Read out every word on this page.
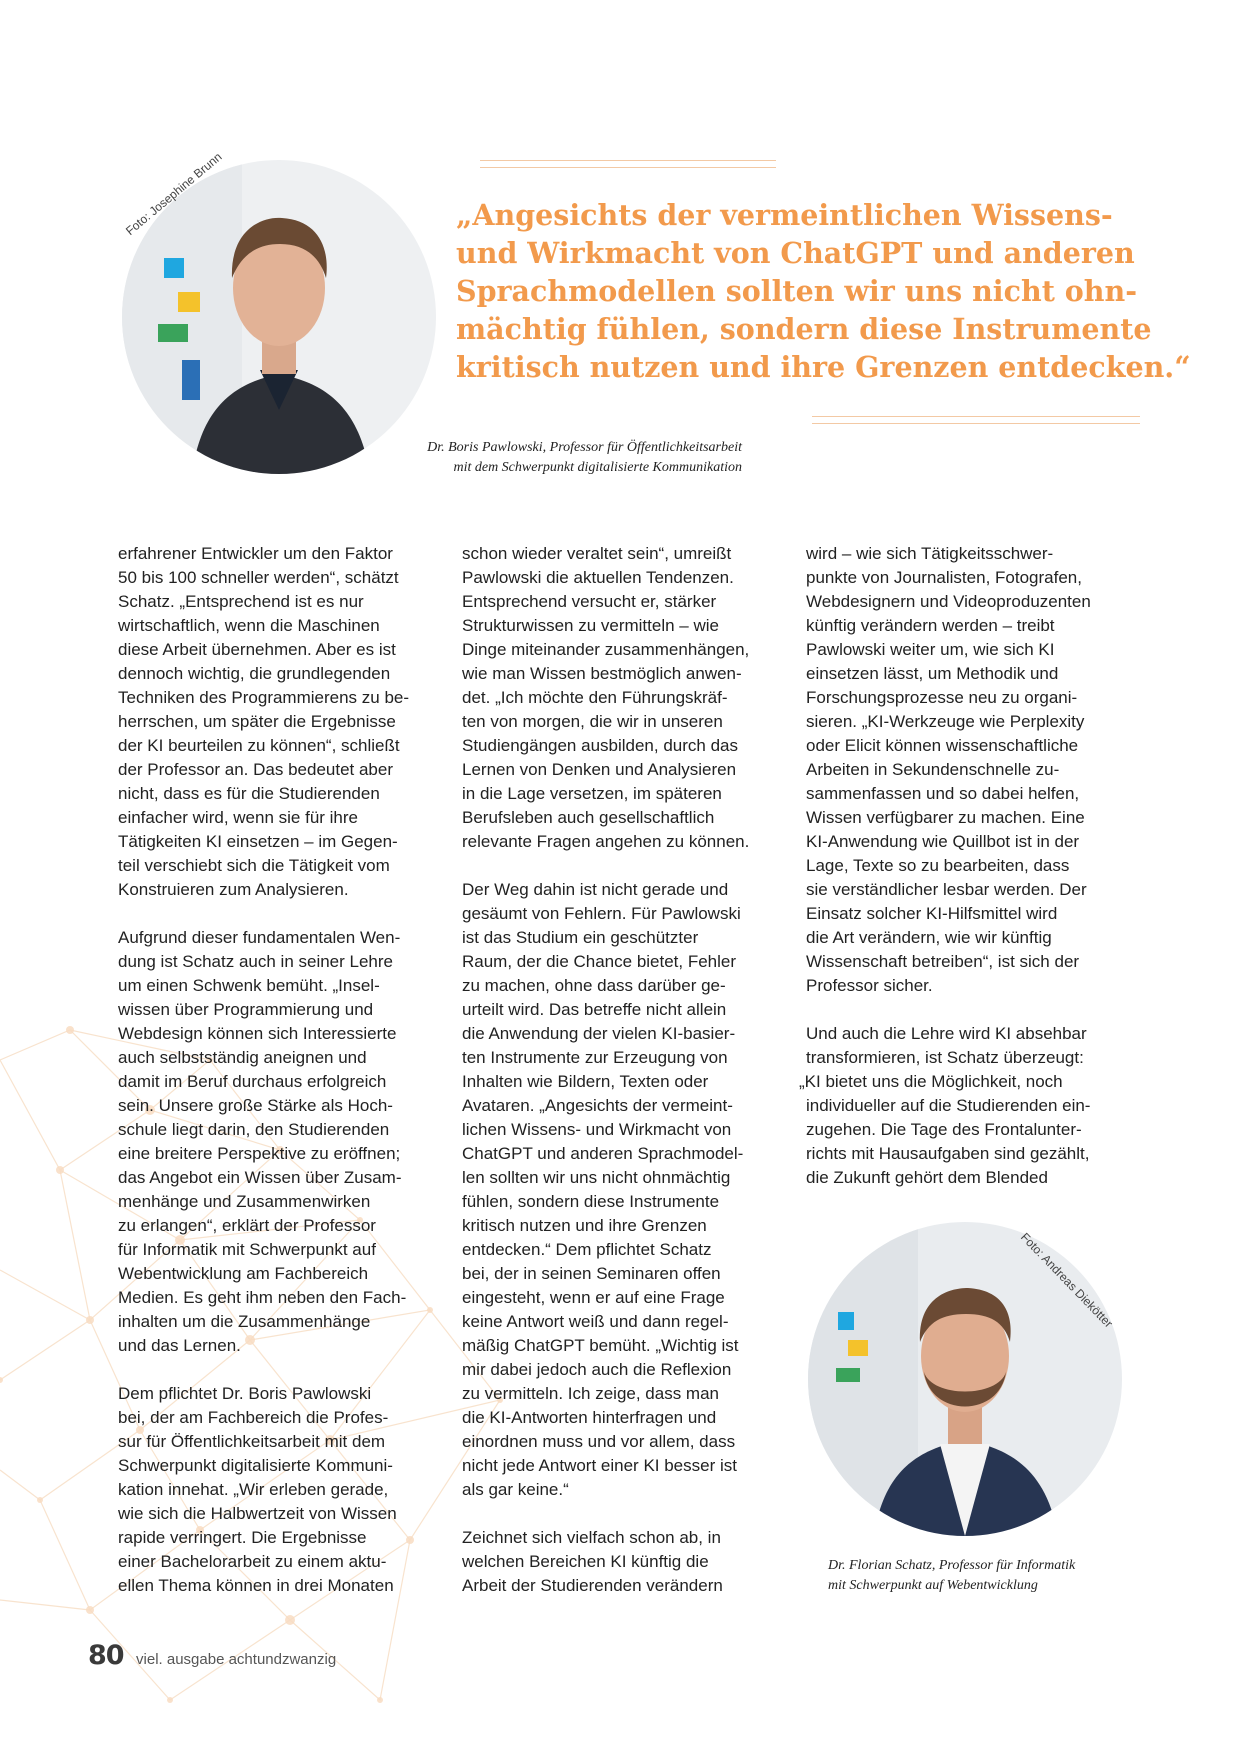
Foto: Josephine Brunn	„Angesichts der vermeintlichen Wissens-
und Wirkmacht von ChatGPT und anderen
Sprachmodellen sollten wir uns nicht ohn-
mächtig fühlen, sondern diese Instrumente
kritisch nutzen und ihre Grenzen entdecken.“

Dr. Boris Pawlowski, Professor für Öffentlichkeitsarbeit
mit dem Schwerpunkt digitalisierte Kommunikation

erfahrener Entwickler um den Faktor
50 bis 100 schneller werden“, schätzt
Schatz. „Entsprechend ist es nur
wirtschaftlich, wenn die Maschinen
diese Arbeit übernehmen. Aber es ist
dennoch wichtig, die grundlegenden
Techniken des Programmierens zu be-
herrschen, um später die Ergebnisse
der KI beurteilen zu können“, schließt
der Professor an. Das bedeutet aber
nicht, dass es für die Studierenden
einfacher wird, wenn sie für ihre
Tätigkeiten KI einsetzen – im Gegen-
teil verschiebt sich die Tätigkeit vom
Konstruieren zum Analysieren.

Aufgrund dieser fundamentalen Wen-
dung ist Schatz auch in seiner Lehre
um einen Schwenk bemüht. „Insel-
wissen über Programmierung und
Webdesign können sich Interessierte
auch selbstständig aneignen und
damit im Beruf durchaus erfolgreich
sein. Unsere große Stärke als Hoch-
schule liegt darin, den Studierenden
eine breitere Perspektive zu eröffnen;
das Angebot ein Wissen über Zusam-
menhänge und Zusammenwirken
zu erlangen“, erklärt der Professor
für Informatik mit Schwerpunkt auf
Webentwicklung am Fachbereich
Medien. Es geht ihm neben den Fach-
inhalten um die Zusammenhänge
und das Lernen.

Dem pflichtet Dr. Boris Pawlowski
bei, der am Fachbereich die Profes-
sur für Öffentlichkeitsarbeit mit dem
Schwerpunkt digitalisierte Kommuni-
kation innehat. „Wir erleben gerade,
wie sich die Halbwertzeit von Wissen
rapide verringert. Die Ergebnisse
einer Bachelorarbeit zu einem aktu-
ellen Thema können in drei Monaten

schon wieder veraltet sein“, umreißt
Pawlowski die aktuellen Tendenzen.
Entsprechend versucht er, stärker
Strukturwissen zu vermitteln – wie
Dinge miteinander zusammenhängen,
wie man Wissen bestmöglich anwen-
det. „Ich möchte den Führungskräf-
ten von morgen, die wir in unseren
Studiengängen ausbilden, durch das
Lernen von Denken und Analysieren
in die Lage versetzen, im späteren
Berufsleben auch gesellschaftlich
relevante Fragen angehen zu können.

Der Weg dahin ist nicht gerade und
gesäumt von Fehlern. Für Pawlowski
ist das Studium ein geschützter
Raum, der die Chance bietet, Fehler
zu machen, ohne dass darüber ge-
urteilt wird. Das betreffe nicht allein
die Anwendung der vielen KI-basier-
ten Instrumente zur Erzeugung von
Inhalten wie Bildern, Texten oder
Avataren. „Angesichts der vermeint-
lichen Wissens- und Wirkmacht von
ChatGPT und anderen Sprachmodel-
len sollten wir uns nicht ohnmächtig
fühlen, sondern diese Instrumente
kritisch nutzen und ihre Grenzen
entdecken.“ Dem pflichtet Schatz
bei, der in seinen Seminaren offen
eingesteht, wenn er auf eine Frage
keine Antwort weiß und dann regel-
mäßig ChatGPT bemüht. „Wichtig ist
mir dabei jedoch auch die Reflexion
zu vermitteln. Ich zeige, dass man
die KI-Antworten hinterfragen und
einordnen muss und vor allem, dass
nicht jede Antwort einer KI besser ist
als gar keine.“

Zeichnet sich vielfach schon ab, in
welchen Bereichen KI künftig die
Arbeit der Studierenden verändern

wird – wie sich Tätigkeitsschwer-
punkte von Journalisten, Fotografen,
Webdesignern und Videoproduzenten
künftig verändern werden – treibt
Pawlowski weiter um, wie sich KI
einsetzen lässt, um Methodik und
Forschungsprozesse neu zu organi-
sieren. „KI-Werkzeuge wie Perplexity
oder Elicit können wissenschaftliche
Arbeiten in Sekundenschnelle zu-
sammenfassen und so dabei helfen,
Wissen verfügbarer zu machen. Eine
KI-Anwendung wie Quillbot ist in der
Lage, Texte so zu bearbeiten, dass
sie verständlicher lesbar werden. Der
Einsatz solcher KI-Hilfsmittel wird
die Art verändern, wie wir künftig
Wissenschaft betreiben“, ist sich der
Professor sicher.

Und auch die Lehre wird KI absehbar
transformieren, ist Schatz überzeugt:
„KI bietet uns die Möglichkeit, noch
individueller auf die Studierenden ein-
zugehen. Die Tage des Frontalunter-
richts mit Hausaufgaben sind gezählt,
die Zukunft gehört dem Blended

Foto: Andreas Diekötter

Dr. Florian Schatz, Professor für Informatik
mit Schwerpunkt auf Webentwicklung

80 viel. ausgabe achtundzwanzig
